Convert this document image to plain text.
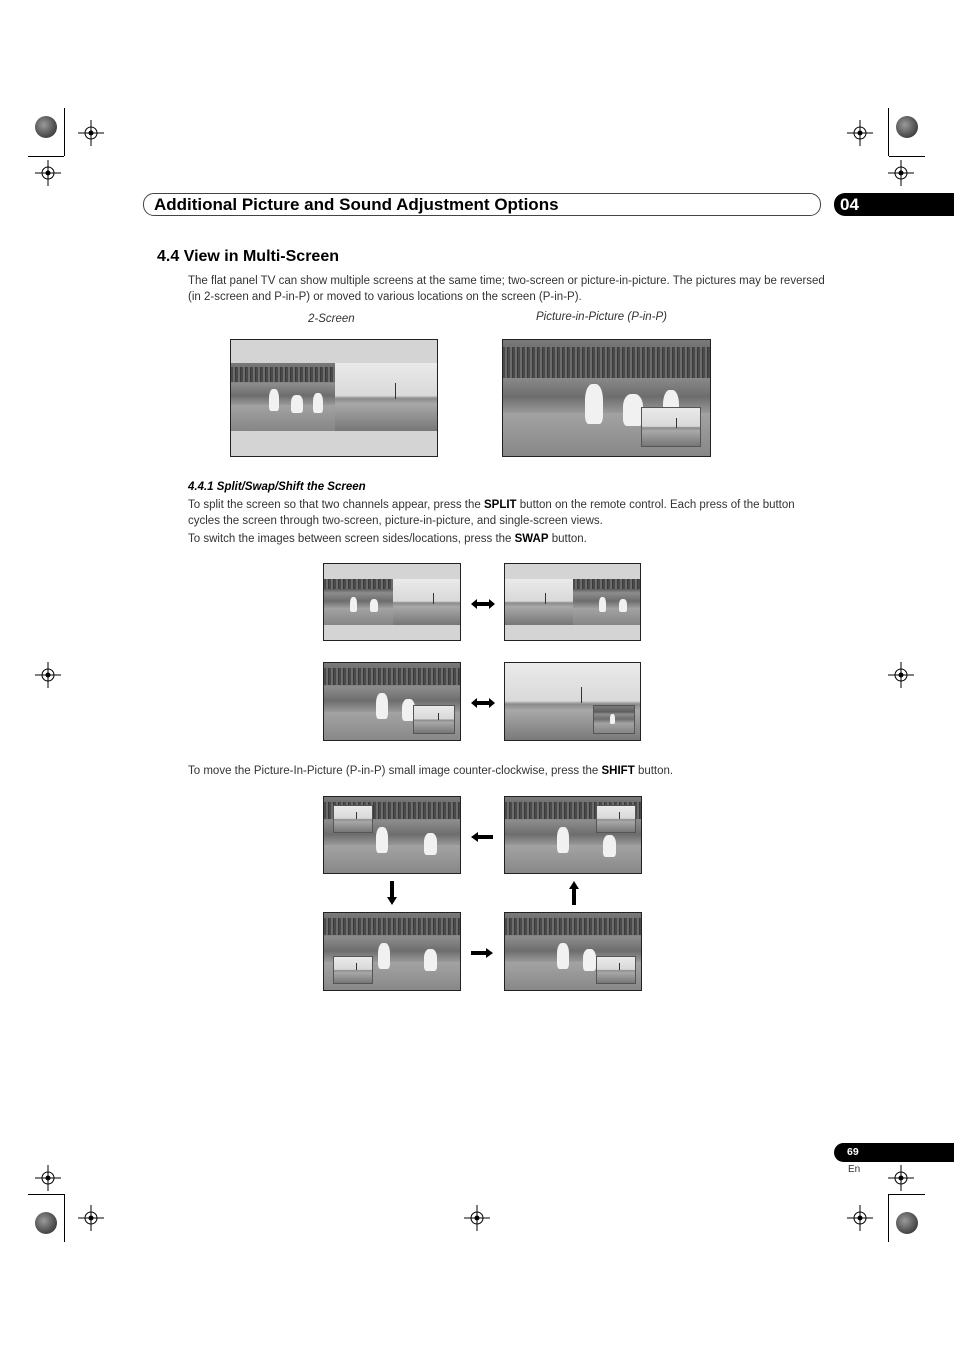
Additional Picture and Sound Adjustment Options	04
4.4 View in Multi-Screen
The flat panel TV can show multiple screens at the same time; two-screen or picture-in-picture. The pictures may be reversed (in 2-screen and P-in-P) or moved to various locations on the screen (P-in-P).
2-Screen	Picture-in-Picture (P-in-P)
4.4.1 Split/Swap/Shift the Screen
To split the screen so that two channels appear, press the SPLIT button on the remote control. Each press of the button cycles the screen through two-screen, picture-in-picture, and single-screen views.
To switch the images between screen sides/locations, press the SWAP button.
To move the Picture-In-Picture (P-in-P) small image counter-clockwise, press the SHIFT button.
69
En
